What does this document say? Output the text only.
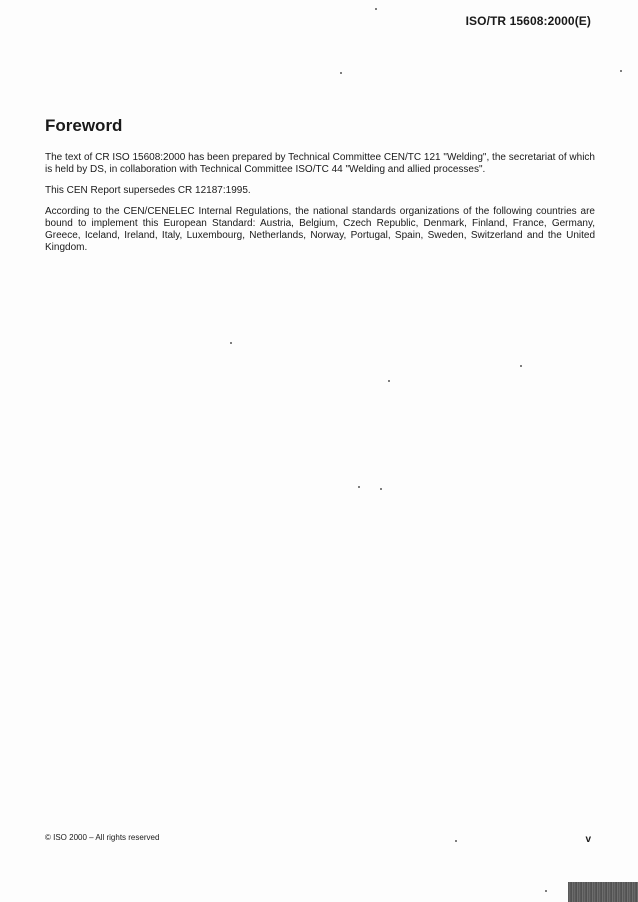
ISO/TR 15608:2000(E)
Foreword

The text of CR ISO 15608:2000 has been prepared by Technical Committee CEN/TC 121 "Welding", the secretariat of which is held by DS, in collaboration with Technical Committee ISO/TC 44 "Welding and allied processes".

This CEN Report supersedes CR 12187:1995.

According to the CEN/CENELEC Internal Regulations, the national standards organizations of the following countries are bound to implement this European Standard: Austria, Belgium, Czech Republic, Denmark, Finland, France, Germany, Greece, Iceland, Ireland, Italy, Luxembourg, Netherlands, Norway, Portugal, Spain, Sweden, Switzerland and the United Kingdom.

© ISO 2000 – All rights reserved	v
